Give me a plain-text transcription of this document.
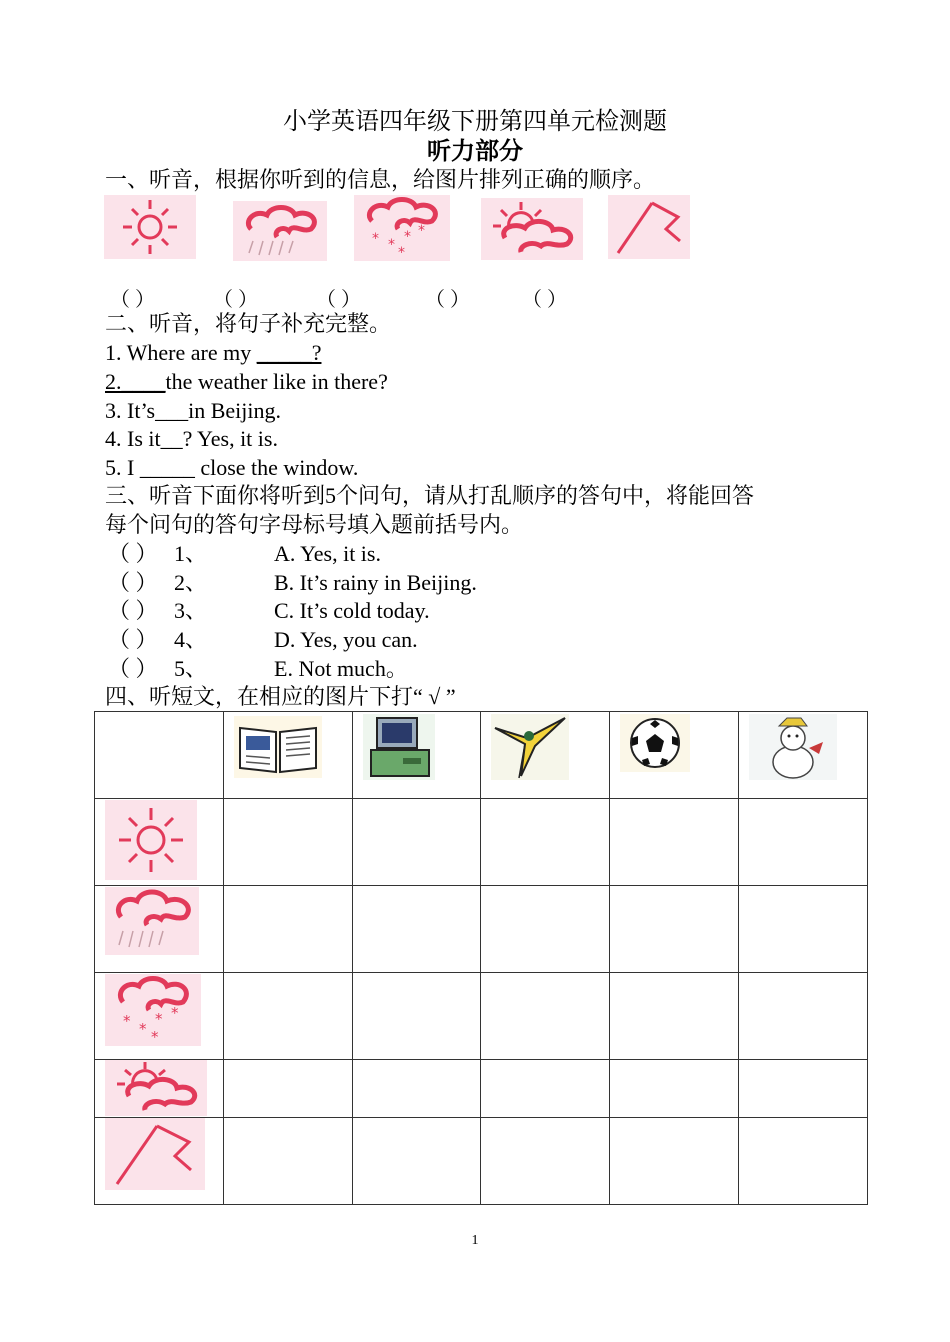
小学英语四年级下册第四单元检测题
听力部分
一、听音，根据你听到的信息，给图片排列正确的顺序。
* * * *
*
（ ）	（ ）	（ ）	（ ）	（ ）
二、听音，将句子补充完整。
1. Where are my _____?
2.____the weather like in there?
3. It’s___in Beijing.
4. Is it__? Yes, it is.
5. I _____ close the window.
三、听音下面你将听到5个问句，请从打乱顺序的答句中，将能回答
每个问句的答句字母标号填入题前括号内。
（ ） 1、	A. Yes, it is.
（ ） 2、	B. It’s rainy in Beijing.
（ ） 3、	C. It’s cold today.
（ ） 4、	D. Yes, you can.
（ ） 5、	E. Not much。
四、听短文，在相应的图片下打“ √ ”

* *
* *
*					

1
